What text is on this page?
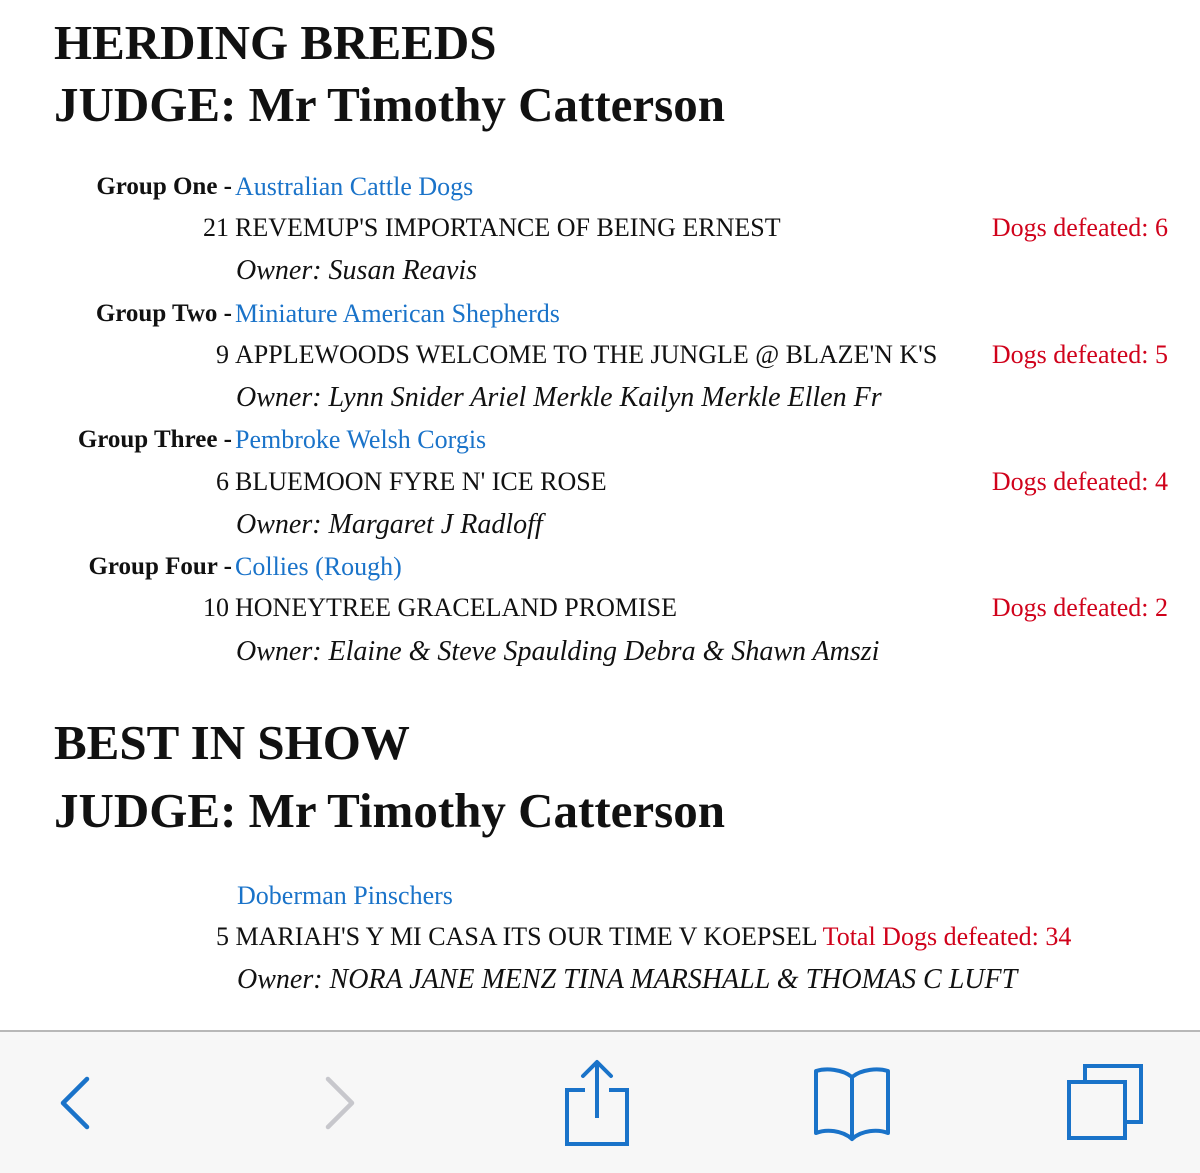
HERDING BREEDS
JUDGE: Mr Timothy Catterson
Group One - Australian Cattle Dogs
21 REVEMUP'S IMPORTANCE OF BEING ERNEST	Dogs defeated: 6
Owner: Susan Reavis
Group Two - Miniature American Shepherds
9 APPLEWOODS WELCOME TO THE JUNGLE @ BLAZE'N K'S Dogs defeated: 5
Owner: Lynn Snider Ariel Merkle Kailyn Merkle Ellen Fr
Group Three - Pembroke Welsh Corgis
6 BLUEMOON FYRE N' ICE ROSE	Dogs defeated: 4
Owner: Margaret J Radloff
Group Four - Collies (Rough)
10 HONEYTREE GRACELAND PROMISE	Dogs defeated: 2
Owner: Elaine & Steve Spaulding Debra & Shawn Amszi
BEST IN SHOW
JUDGE: Mr Timothy Catterson
Doberman Pinschers
5 MARIAH'S Y MI CASA ITS OUR TIME V KOEPSEL Total Dogs defeated: 34
Owner: NORA JANE MENZ TINA MARSHALL & THOMAS C LUFT
